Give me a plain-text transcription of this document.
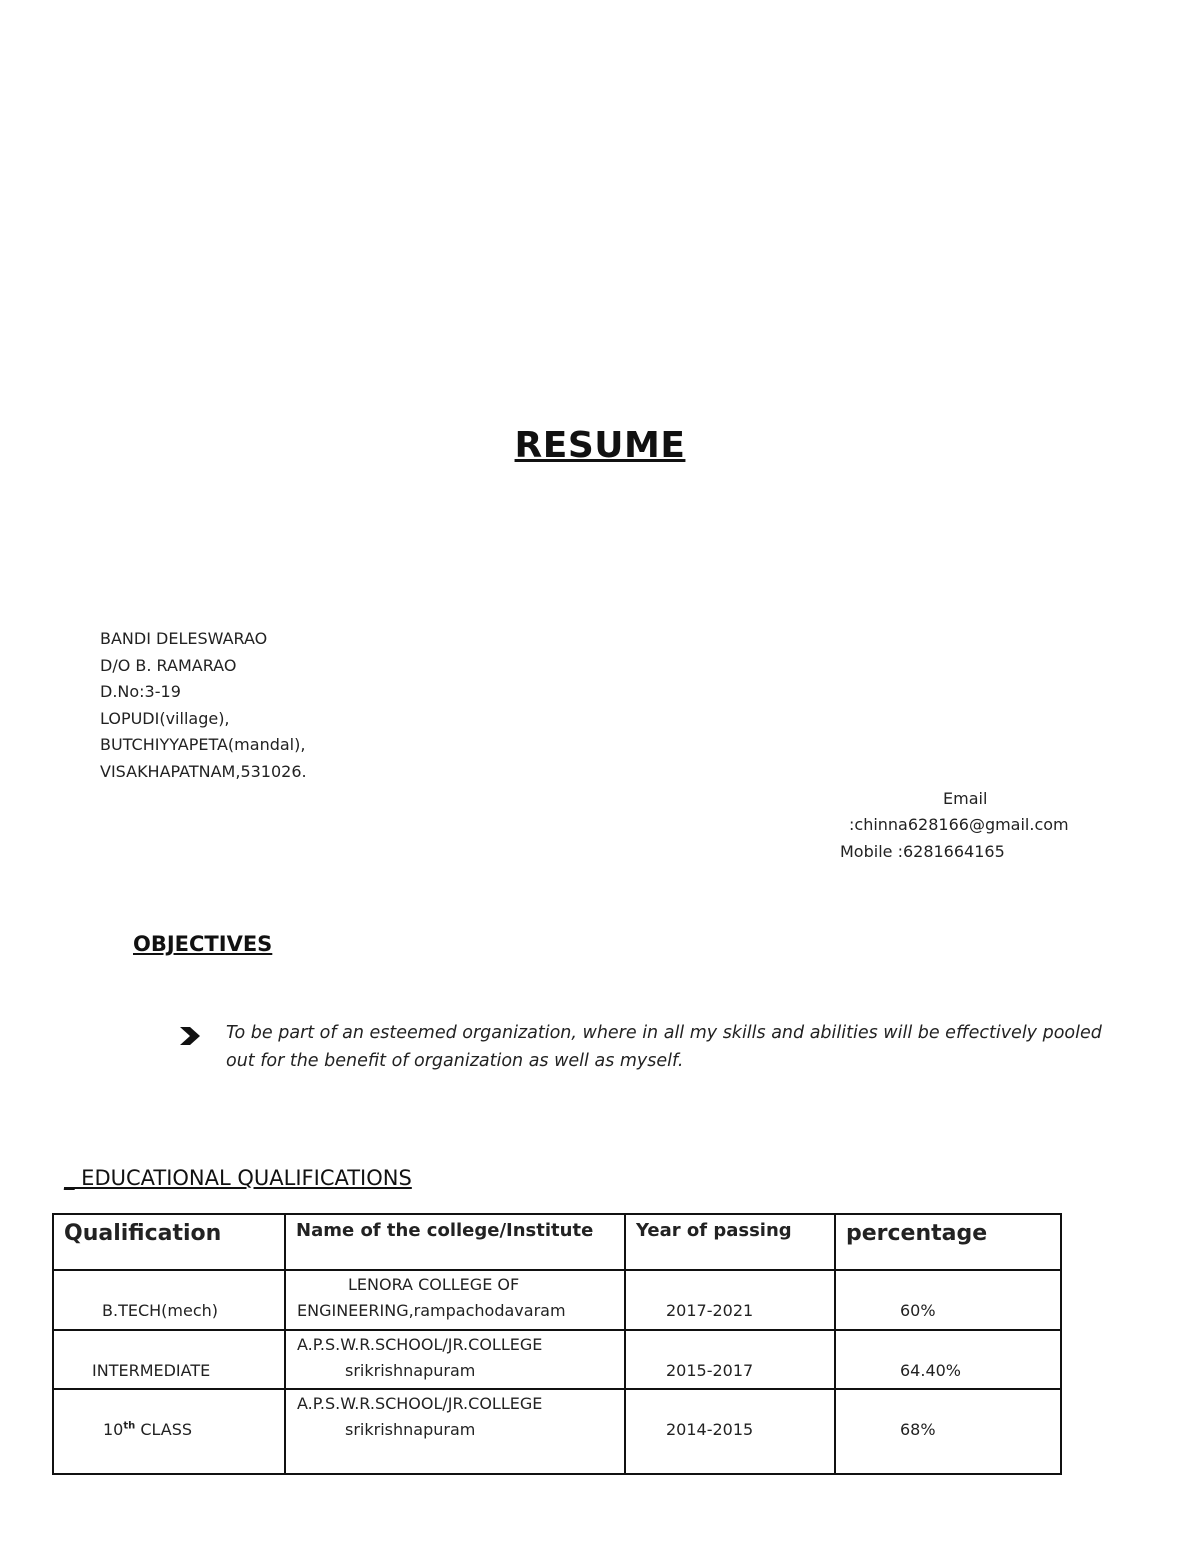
RESUME
BANDI DELESWARAO
D/O B. RAMARAO
D.No:3-19
LOPUDI(village),
BUTCHIYYAPETA(mandal),
VISAKHAPATNAM,531026.
Email
:chinna628166@gmail.com
Mobile :6281664165
OBJECTIVES
To be part of an esteemed organization, where in all my skills and abilities will be effectively pooled
out for the benefit of organization as well as myself.
_ EDUCATIONAL QUALIFICATIONS
Qualification	Name of the college/Institute	Year of passing	percentage

B.TECH(mech)	LENORA COLLEGE OF
ENGINEERING,rampachodavaram	2017-2021	60%

INTERMEDIATE	A.P.S.W.R.SCHOOL/JR.COLLEGE
srikrishnapuram	2015-2017	64.40%

10th CLASS	A.P.S.W.R.SCHOOL/JR.COLLEGE
srikrishnapuram	2014-2015	68%
